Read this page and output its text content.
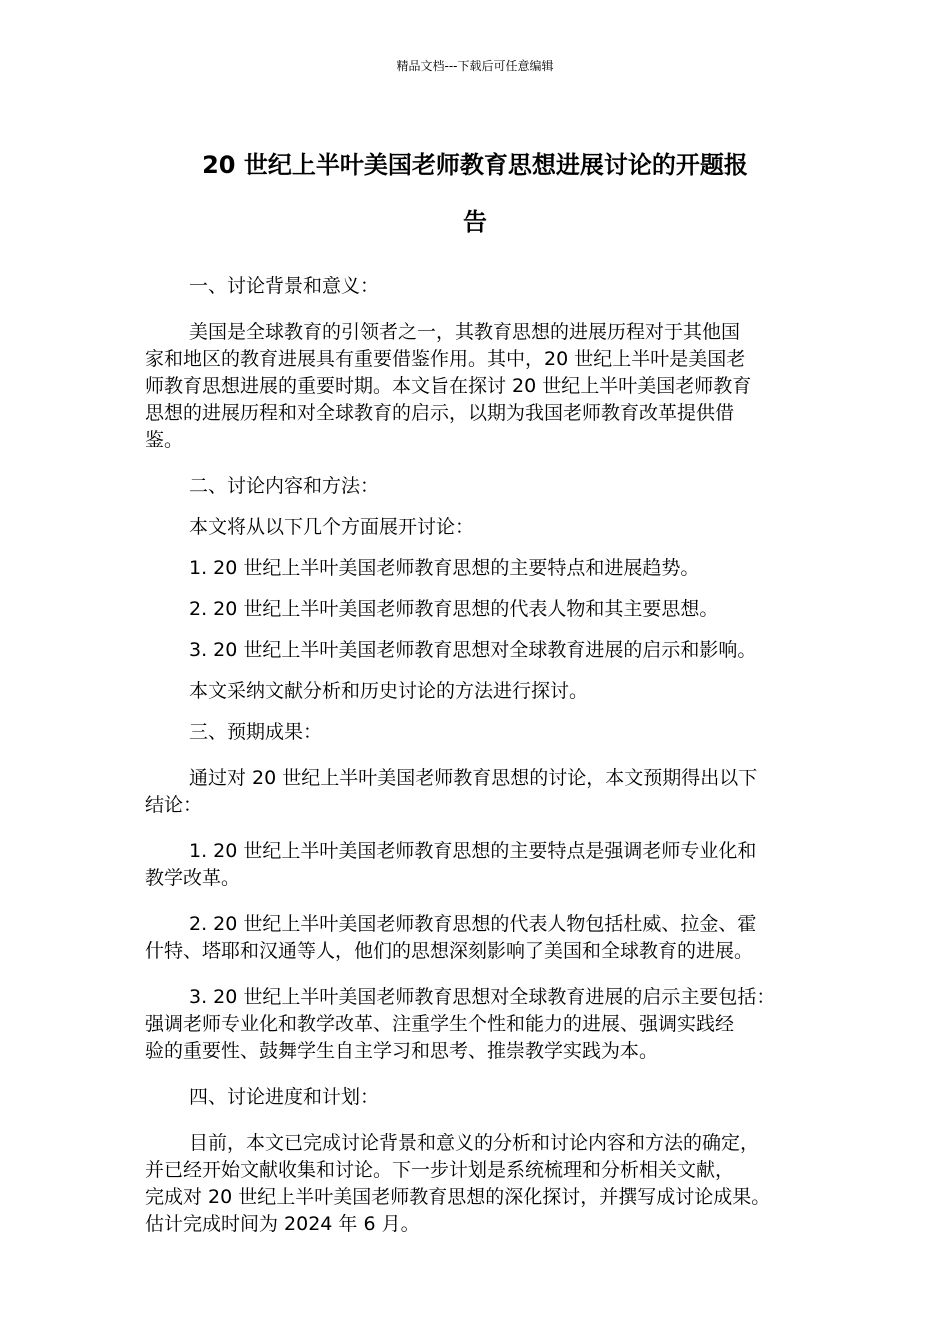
精品文档---下载后可任意编辑
20 世纪上半叶美国老师教育思想进展讨论的开题报
告

一、讨论背景和意义：

美国是全球教育的引领者之一，其教育思想的进展历程对于其他国
家和地区的教育进展具有重要借鉴作用。其中，20 世纪上半叶是美国老
师教育思想进展的重要时期。本文旨在探讨 20 世纪上半叶美国老师教育
思想的进展历程和对全球教育的启示，以期为我国老师教育改革提供借
鉴。

二、讨论内容和方法：

本文将从以下几个方面展开讨论：

1. 20 世纪上半叶美国老师教育思想的主要特点和进展趋势。

2. 20 世纪上半叶美国老师教育思想的代表人物和其主要思想。

3. 20 世纪上半叶美国老师教育思想对全球教育进展的启示和影响。

本文采纳文献分析和历史讨论的方法进行探讨。

三、预期成果：

通过对 20 世纪上半叶美国老师教育思想的讨论，本文预期得出以下
结论：

1. 20 世纪上半叶美国老师教育思想的主要特点是强调老师专业化和
教学改革。

2. 20 世纪上半叶美国老师教育思想的代表人物包括杜威、拉金、霍
什特、塔耶和汉通等人，他们的思想深刻影响了美国和全球教育的进展。

3. 20 世纪上半叶美国老师教育思想对全球教育进展的启示主要包括：
强调老师专业化和教学改革、注重学生个性和能力的进展、强调实践经
验的重要性、鼓舞学生自主学习和思考、推崇教学实践为本。

四、讨论进度和计划：

目前，本文已完成讨论背景和意义的分析和讨论内容和方法的确定，
并已经开始文献收集和讨论。下一步计划是系统梳理和分析相关文献，
完成对 20 世纪上半叶美国老师教育思想的深化探讨，并撰写成讨论成果。
估计完成时间为 2024 年 6 月。
